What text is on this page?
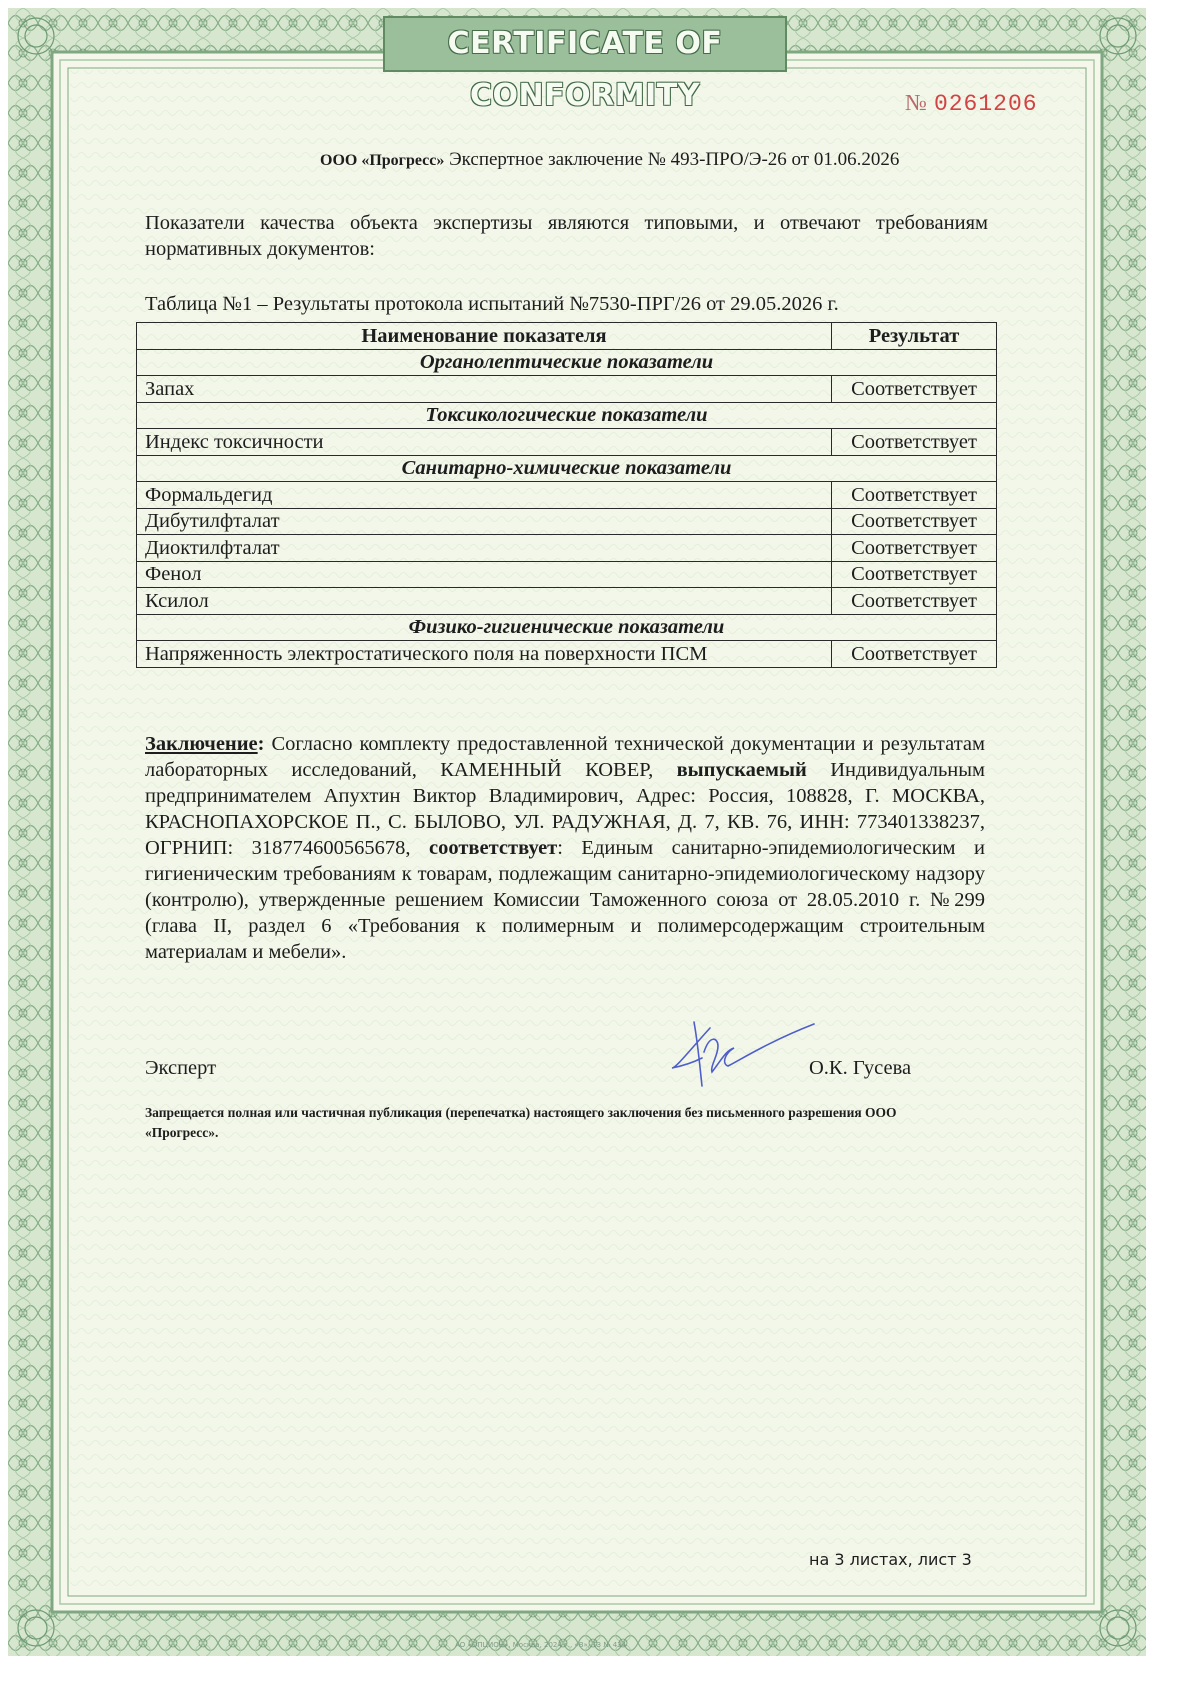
CERTIFICATE OF CONFORMITY	№ 0261206
ООО «Прогресс» Экспертное заключение № 493-ПРО/Э-26 от 01.06.2026
Показатели качества объекта экспертизы являются типовыми, и отвечают требованиям нормативных документов:
Таблица №1 – Результаты протокола испытаний №7530-ПРГ/26 от 29.05.2026 г.
Наименование показателя	Результат
Органолептические показатели	
Запах	Соответствует
Токсикологические показатели	
Индекс токсичности	Соответствует
Санитарно-химические показатели	
Формальдегид	Соответствует
Дибутилфталат	Соответствует
Диоктилфталат	Соответствует
Фенол	Соответствует
Ксилол	Соответствует
Физико-гигиенические показатели	
Напряженность электростатического поля на поверхности ПСМ	Соответствует
Заключение: Согласно комплекту предоставленной технической документации и результатам лабораторных исследований, КАМЕННЫЙ КОВЕР, выпускаемый Индивидуальным предпринимателем Апухтин Виктор Владимирович, Адрес: Россия, 108828, Г. МОСКВА, КРАСНОПАХОРСКОЕ П., С. БЫЛОВО, УЛ. РАДУЖНАЯ, Д. 7, КВ. 76, ИНН: 773401338237, ОГРНИП: 318774600565678, соответствует: Единым санитарно-эпидемиологическим и гигиеническим требованиям к товарам, подлежащим санитарно-эпидемиологическому надзору (контролю), утвержденные решением Комиссии Таможенного союза от 28.05.2010 г. №299 (глава II, раздел 6 «Требования к полимерным и полимерсодержащим строительным материалам и мебели».
Эксперт	О.К. Гусева
Запрещается полная или частичная публикация (перепечатка) настоящего заключения без письменного разрешения ООО «Прогресс».
на 3 листах, лист 3
АО «ОПЦИОН», Москва, 2024 г., «В», ТЗ № 434
